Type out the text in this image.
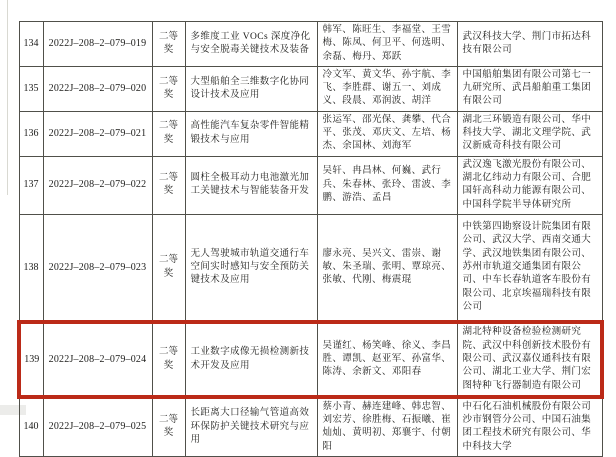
134	2022J–208–2–079–019	二等奖	多维度工业 VOCs 深度净化与安全脱毒关键技术及装备	韩军、陈旺生、李福堂、王雪梅、陈凤、何卫平、何选明、余磊、梅丹、郑跃	武汉科技大学、荆门市拓达科技有限公司
135	2022J–208–2–079–020	二等奖	大型船舶全三维数字化协同设计技术及应用	冷文军、黄文华、孙宇航、李飞、李胜群、谢五一、刘成义、段晨、邓润波、胡洋	中国船舶集团有限公司第七一九研究所、武昌船舶重工集团有限公司
136	2022J–208–2–079–021	二等奖	高性能汽车复杂零件智能精锻技术与应用	张运军、邵光保、龚攀、代合平、张茂、邓庆文、左培、杨杰、余国林、刘海军	湖北三环锻造有限公司、华中科技大学、湖北文理学院、武汉新威奇科技有限公司
137	2022J–208–2–079–022	二等奖	圆柱全极耳动力电池激光加工关键技术与智能装备开发	吴轩、冉昌林、何巍、武行兵、朱春林、张玲、雷波、李鹏、游浩、孟昌	武汉逸飞激光股份有限公司、湖北亿纬动力有限公司、合肥国轩高科动力能源有限公司、中国科学院半导体研究所
138	2022J–208–2–079–023	二等奖	无人驾驶城市轨道交通行车空间实时感知与安全预防关键技术及应用	廖永亮、吴兴文、雷崇、谢敏、朱圣瑞、张明、覃琼亮、张敏、代刚、梅震琨	中铁第四勘察设计院集团有限公司、武汉大学、西南交通大学、武汉地铁集团有限公司、苏州市轨道交通集团有限公司、中车长春轨道客车股份有限公司、北京埃福瑞科技有限公司
139	2022J–208–2–079–024	二等奖	工业数字成像无损检测新技术开发及应用	吴谨红、杨笑峰、徐义、李昌胜、谭凯、赵亚军、孙富华、陈涛、余新文、邓阳春	湖北特种设备检验检测研究院、武汉中科创新技术股份有限公司、武汉嘉仪通科技有限公司、湖北工业大学、荆门宏图特种飞行器制造有限公司
140	2022J–208–2–079–025	二等奖	长距离大口径输气管道高效环保防护关键技术研究与应用	蔡小青、赫连建峰、韩忠智、刘宏芳、徐胜梅、石振曦、崔灿灿、黄明初、郑襄宇、付朝阳	中石化石油机械股份有限公司沙市钢管分公司、中国石油集团工程技术研究有限公司、华中科技大学
